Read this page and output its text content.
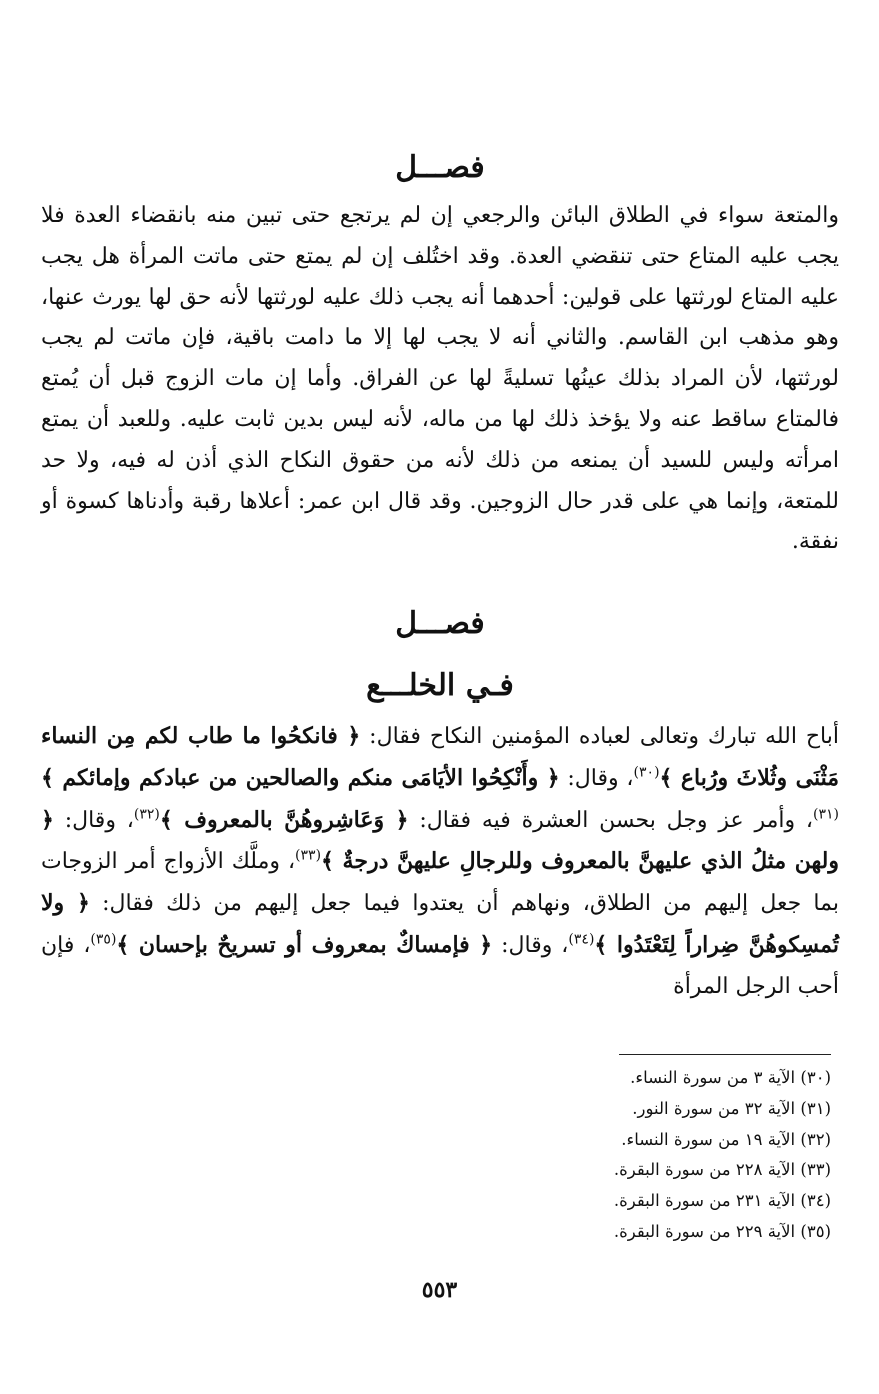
فصـــل

والمتعة سواء في الطلاق البائن والرجعي إن لم يرتجع حتى تبين منه بانقضاء العدة فلا يجب عليه المتاع حتى تنقضي العدة. وقد اختُلف إن لم يمتع حتى ماتت المرأة هل يجب عليه المتاع لورثتها على قولين: أحدهما أنه يجب ذلك عليه لورثتها لأنه حق لها يورث عنها، وهو مذهب ابن القاسم. والثاني أنه لا يجب لها إلا ما دامت باقية، فإن ماتت لم يجب لورثتها، لأن المراد بذلك عينُها تسليةً لها عن الفراق. وأما إن مات الزوج قبل أن يُمتع فالمتاع ساقط عنه ولا يؤخذ ذلك لها من ماله، لأنه ليس بدين ثابت عليه. وللعبد أن يمتع امرأته وليس للسيد أن يمنعه من ذلك لأنه من حقوق النكاح الذي أذن له فيه، ولا حد للمتعة، وإنما هي على قدر حال الزوجين. وقد قال ابن عمر: أعلاها رقبة وأدناها كسوة أو نفقة.

فصـــل
فـي الخلـــع

أباح الله تبارك وتعالى لعباده المؤمنين النكاح فقال: ﴿ فانكحُوا ما طاب لكم مِن النساء مَثْنَى وثُلاثَ ورُباع ﴾$^{(٣٠)}$، وقال: ﴿ وأَنْكِحُوا الأيَامَى منكم والصالحين من عبادكم وإمائكم ﴾$^{(٣١)}$، وأمر عز وجل بحسن العشرة فيه فقال: ﴿ وَعَاشِروهُنَّ بالمعروف ﴾$^{(٣٢)}$، وقال: ﴿ ولهن مثلُ الذي عليهنَّ بالمعروف وللرجالِ عليهنَّ درجةٌ ﴾$^{(٣٣)}$، وملَّك الأزواج أمر الزوجات بما جعل إليهم من الطلاق، ونهاهم أن يعتدوا فيما جعل إليهم من ذلك فقال: ﴿ ولا تُمسِكوهُنَّ ضِراراً لِتَعْتَدُوا ﴾$^{(٣٤)}$، وقال: ﴿ فإمساكٌ بمعروف أو تسريحٌ بإحسان ﴾$^{(٣٥)}$، فإن أحب الرجل المرأة

(٣٠) الآية ٣ من سورة النساء.
(٣١) الآية ٣٢ من سورة النور.
(٣٢) الآية ١٩ من سورة النساء.
(٣٣) الآية ٢٢٨ من سورة البقرة.
(٣٤) الآية ٢٣١ من سورة البقرة.
(٣٥) الآية ٢٢٩ من سورة البقرة.
٥٥٣
